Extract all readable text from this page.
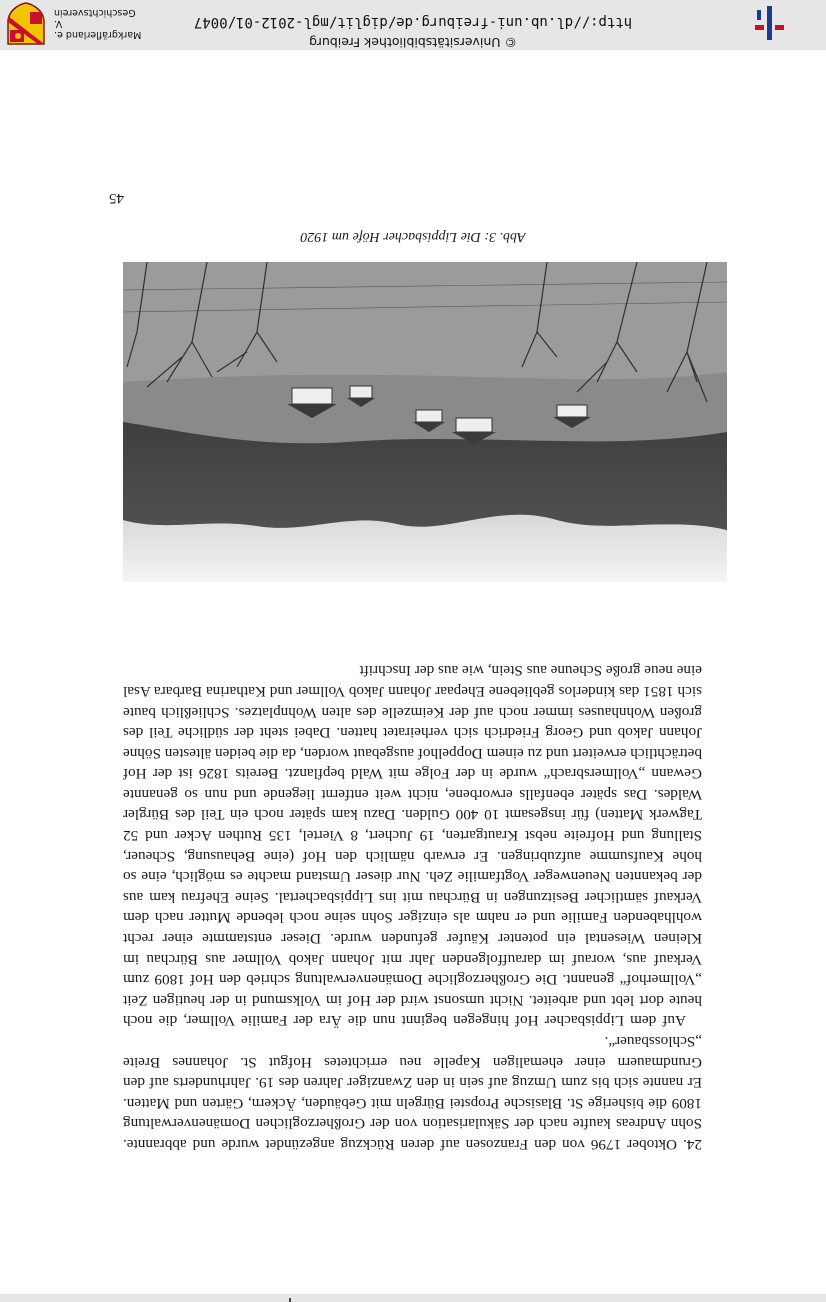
24. Oktober 1796 von den Franzosen auf deren Rückzug angezündet wurde und abbrannte. Sohn Andreas kaufte nach der Säkularisation von der Großherzoglichen Domänenverwaltung 1809 die bisherige St. Blasische Propstei Bürgeln mit Gebäuden, Äckern, Gärten und Matten. Er nannte sich bis zum Umzug auf sein in den Zwanziger Jahren des 19. Jahrhunderts auf den Grundmauern einer ehemaligen Kapelle neu errichtetes Hofgut St. Johannes Breite „Schlossbauer“.

Auf dem Lippisbacher Hof hingegen beginnt nun die Ära der Familie Vollmer, die noch heute dort lebt und arbeitet. Nicht umsonst wird der Hof im Volksmund in der heutigen Zeit „Vollmerhof“ genannt. Die Großherzogliche Domänenverwaltung schrieb den Hof 1809 zum Verkauf aus, worauf im darauffolgenden Jahr mit Johann Jakob Vollmer aus Bürchau im Kleinen Wiesental ein potenter Käufer gefunden wurde. Dieser entstammte einer recht wohlhabenden Familie und er nahm als einziger Sohn seine noch lebende Mutter nach dem Verkauf sämtlicher Besitzungen in Bürchau mit ins Lippisbachertal. Seine Ehefrau kam aus der bekannten Neuenweger Vogtfamilie Zeh. Nur dieser Umstand machte es möglich, eine so hohe Kaufsumme aufzubringen. Er erwarb nämlich den Hof (eine Behausung, Scheuer, Stallung und Hofreite nebst Krautgarten, 19 Juchert, 8 Viertel, 135 Ruthen Acker und 52 Tagwerk Matten) für insgesamt 10 400 Gulden. Dazu kam später noch ein Teil des Bürgler Waldes. Das später ebenfalls erworbene, nicht weit entfernt liegende und nun so genannte Gewann „Vollmersbrach“ wurde in der Folge mit Wald bepflanzt. Bereits 1826 ist der Hof beträchtlich erweitert und zu einem Doppelhof ausgebaut worden, da die beiden ältesten Söhne Johann Jakob und Georg Friedrich sich verheiratet hatten. Dabei steht der südliche Teil des großen Wohnhauses immer noch auf der Keimzelle des alten Wohnplatzes. Schließlich baute sich 1851 das kinderlos gebliebene Ehepaar Johann Jakob Vollmer und Katharina Barbara Asal eine neue große Scheune aus Stein, wie aus der Inschrift

Abb. 3: Die Lippisbacher Höfe um 1920
45
© Universitätsbibliothek Freiburg
http://dl.ub.uni-freiburg.de/diglit/mgl-2012-01/0047
Markgräflerland e. V.
Geschichtsverein
